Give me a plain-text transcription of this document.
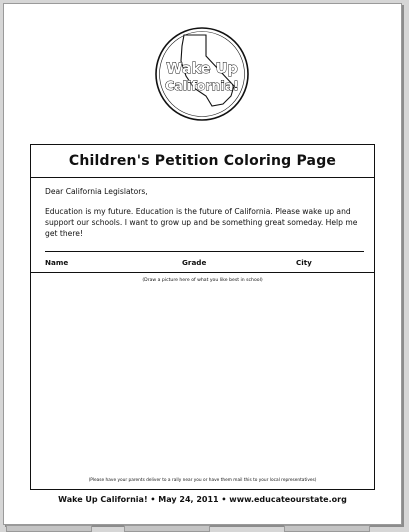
Wake Up
California!
Children's Petition Coloring Page
Dear California Legislators,
Education is my future. Education is the future of California. Please wake up and support our schools. I want to grow up and be something great someday. Help me get there!
Name	Grade	City
(Draw a picture here of what you like best in school)
(Please have your parents deliver to a rally near you or have them mail this to your local representatives)
Wake Up California! • May 24, 2011 • www.educateourstate.org
